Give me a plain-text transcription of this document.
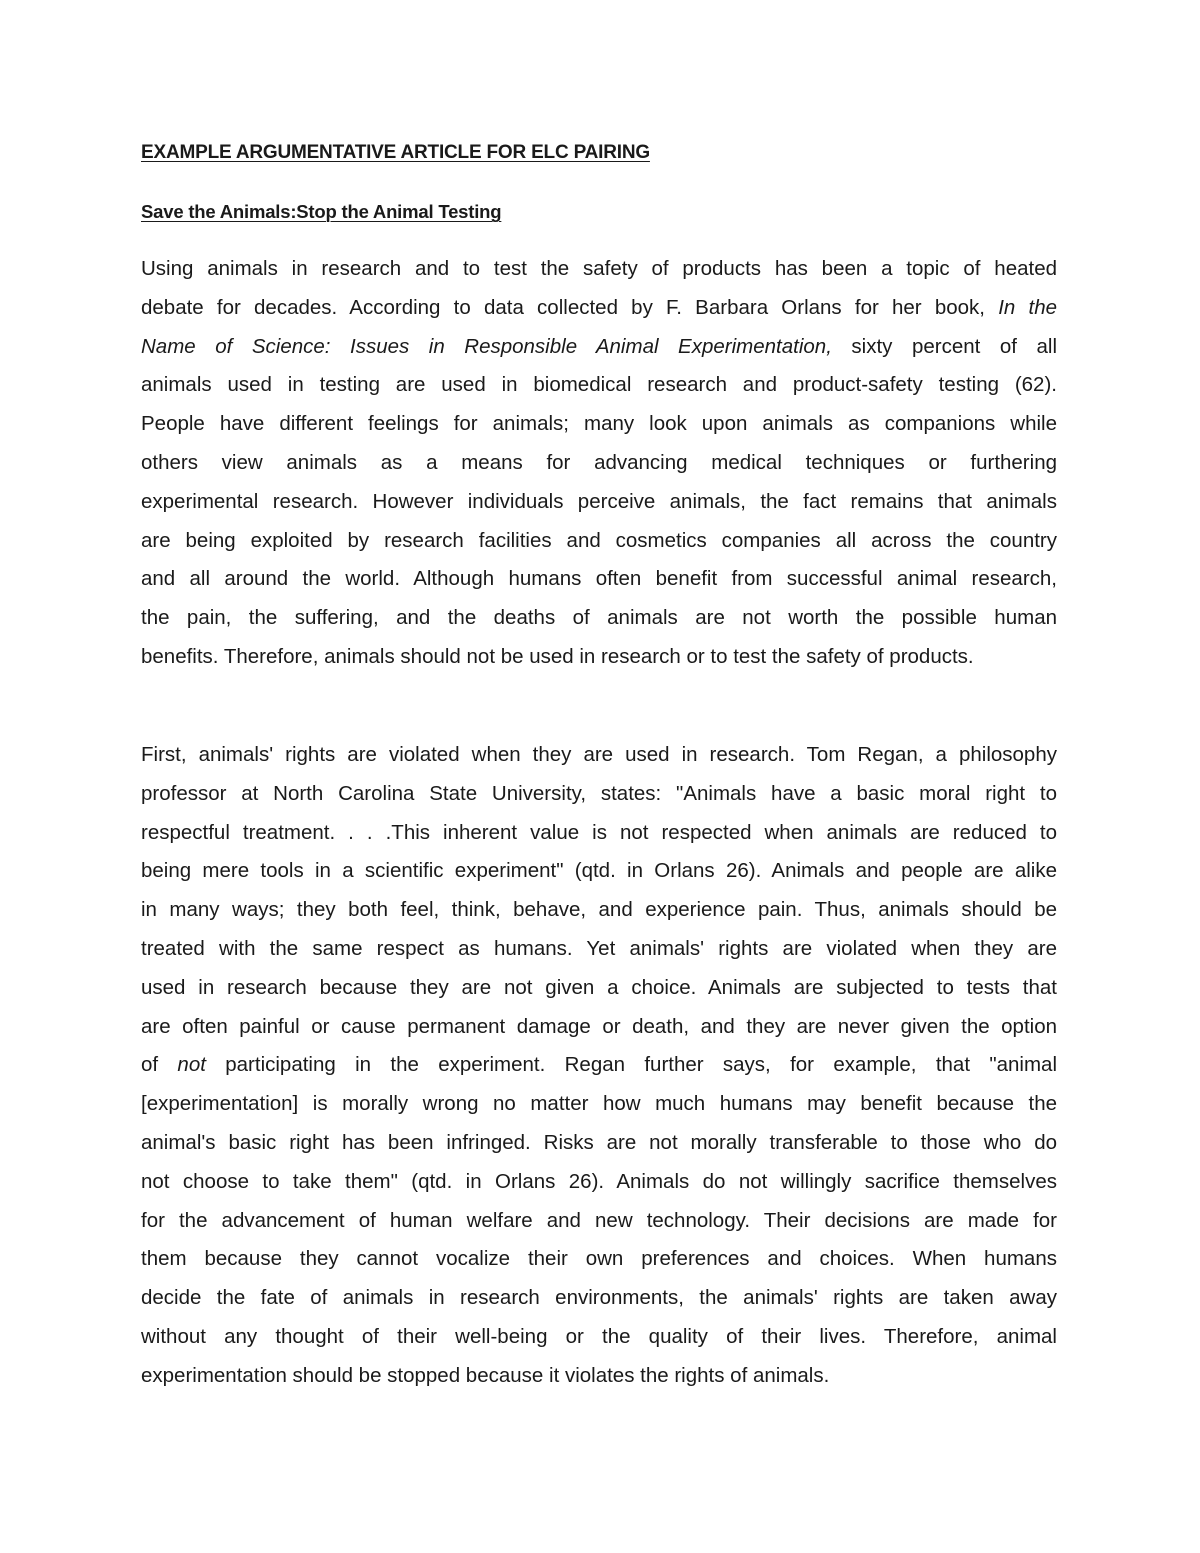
EXAMPLE ARGUMENTATIVE ARTICLE FOR ELC PAIRING
Save the Animals:Stop the Animal Testing
Using animals in research and to test the safety of products has been a topic of heated
debate for decades. According to data collected by F. Barbara Orlans for her book, In the
Name of Science: Issues in Responsible Animal Experimentation, sixty percent of all
animals used in testing are used in biomedical research and product-safety testing (62).
People have different feelings for animals; many look upon animals as companions while
others view animals as a means for advancing medical techniques or furthering
experimental research. However individuals perceive animals, the fact remains that animals
are being exploited by research facilities and cosmetics companies all across the country
and all around the world. Although humans often benefit from successful animal research,
the pain, the suffering, and the deaths of animals are not worth the possible human
benefits. Therefore, animals should not be used in research or to test the safety of products.
First, animals' rights are violated when they are used in research. Tom Regan, a philosophy
professor at North Carolina State University, states: "Animals have a basic moral right to
respectful treatment. . . .This inherent value is not respected when animals are reduced to
being mere tools in a scientific experiment" (qtd. in Orlans 26). Animals and people are alike
in many ways; they both feel, think, behave, and experience pain. Thus, animals should be
treated with the same respect as humans. Yet animals' rights are violated when they are
used in research because they are not given a choice. Animals are subjected to tests that
are often painful or cause permanent damage or death, and they are never given the option
of not participating in the experiment. Regan further says, for example, that "animal
[experimentation] is morally wrong no matter how much humans may benefit because the
animal's basic right has been infringed. Risks are not morally transferable to those who do
not choose to take them" (qtd. in Orlans 26). Animals do not willingly sacrifice themselves
for the advancement of human welfare and new technology. Their decisions are made for
them because they cannot vocalize their own preferences and choices. When humans
decide the fate of animals in research environments, the animals' rights are taken away
without any thought of their well-being or the quality of their lives. Therefore, animal
experimentation should be stopped because it violates the rights of animals.
